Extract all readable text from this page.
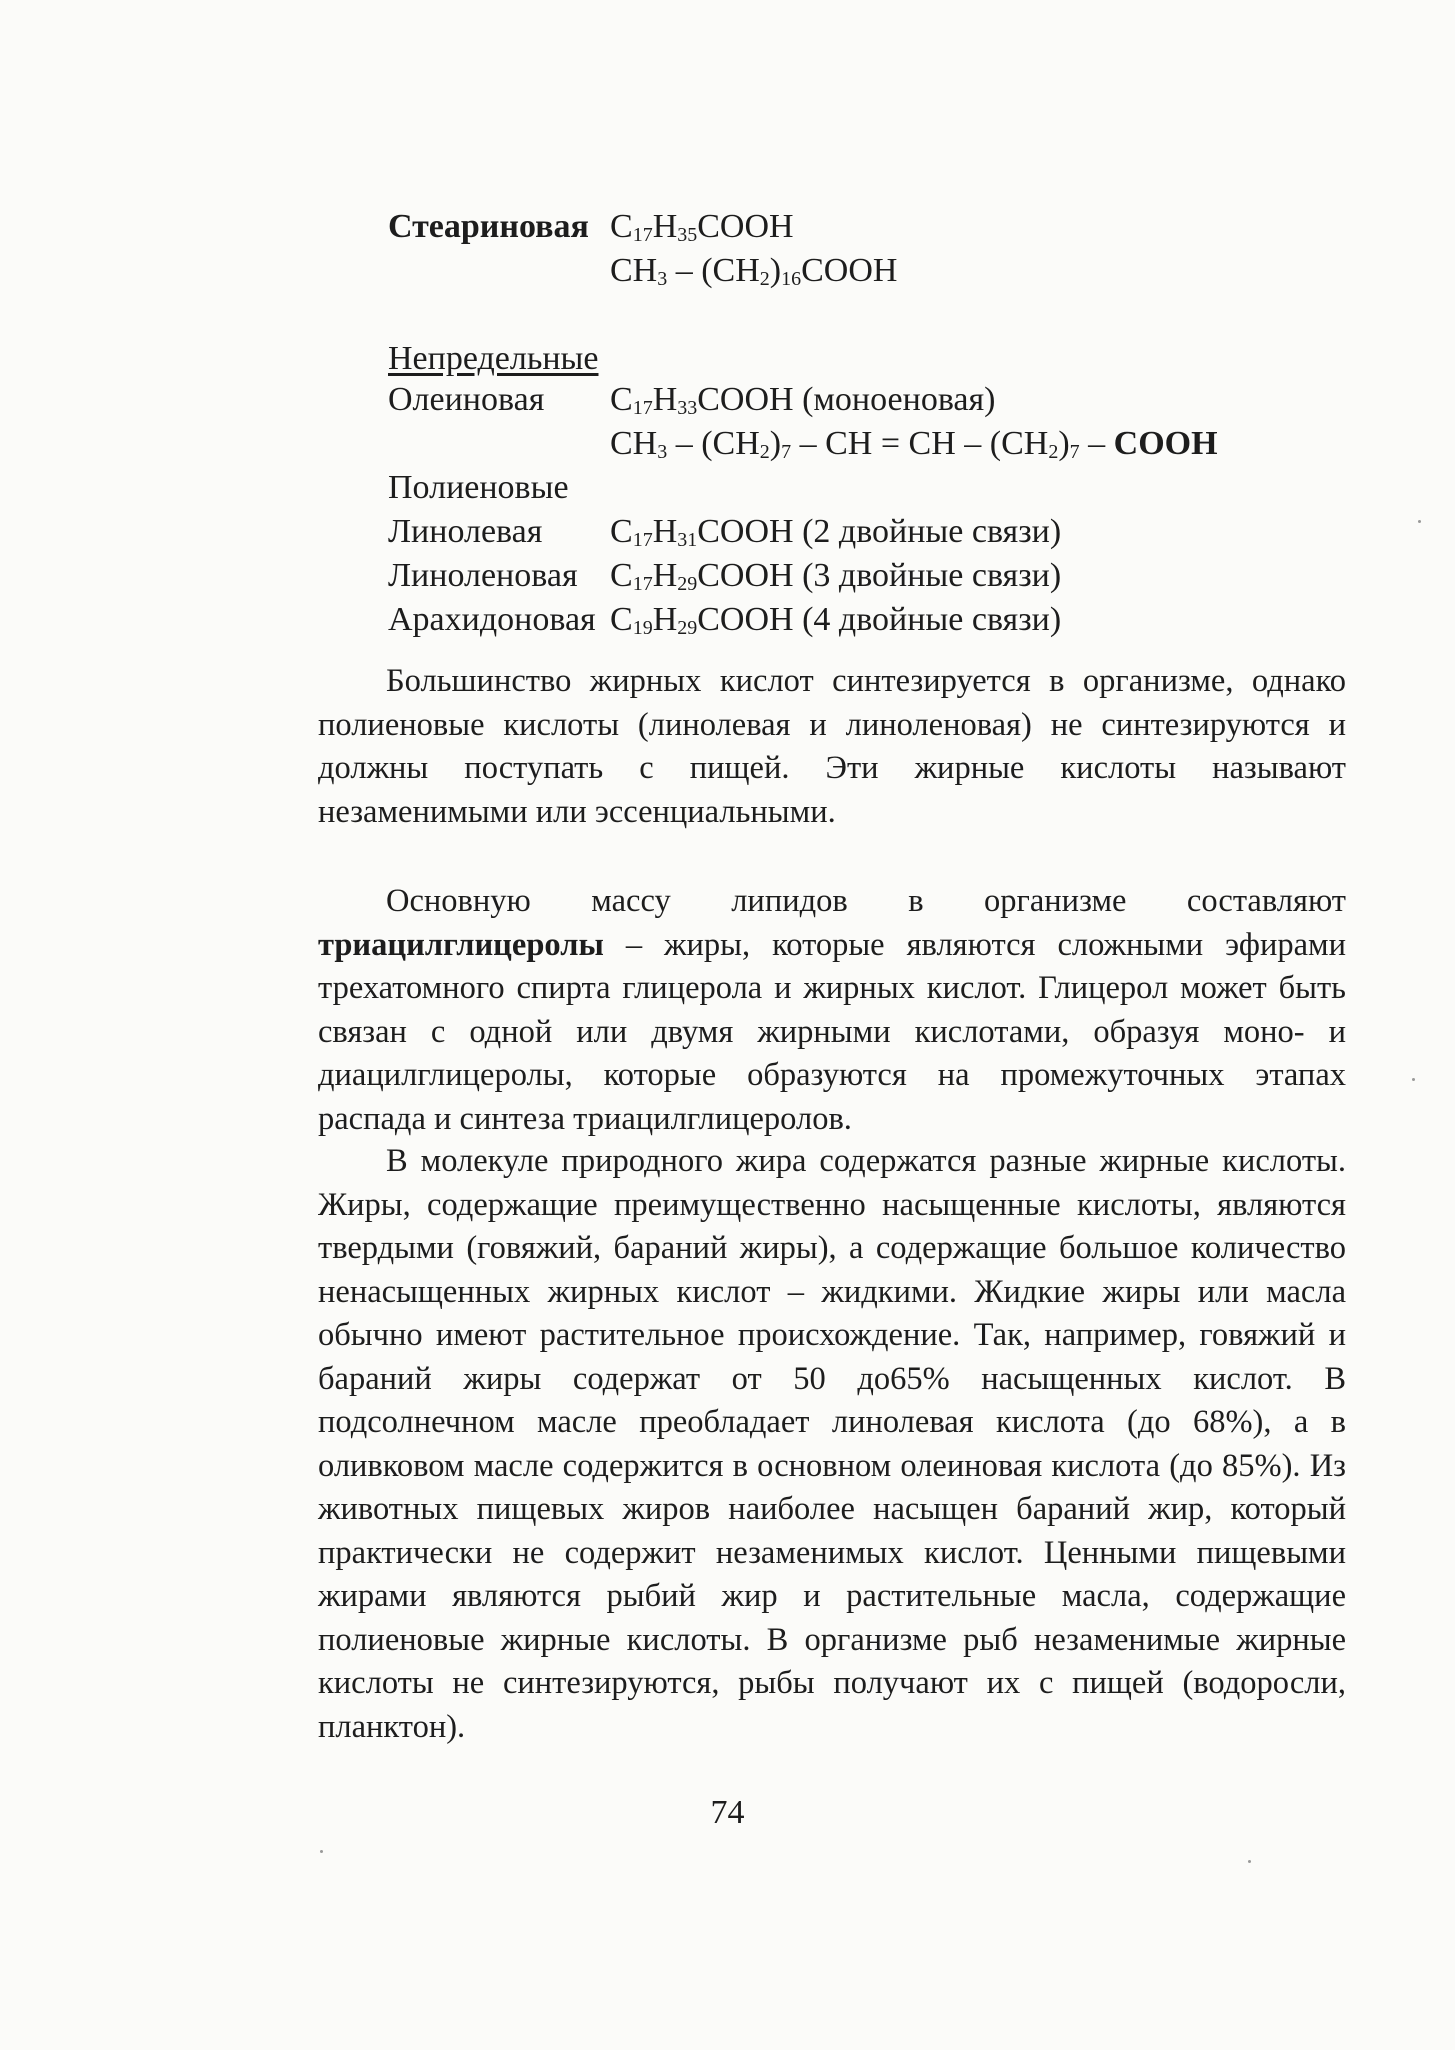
Стеариновая $C_{17}H_{35}COOH$
$CH_3$ – $(CH_2)_{16}COOH$
Непредельные
Олеиновая	$C_{17}H_{33}COOH$ (моноеновая)
$CH_3 - (CH_2)_7$ – CH = CH – $(CH_2)_7$ – COOH
Полиеновые
Линолевая	$C_{17}H_{31}COOH$ (2 двойные связи)
Линоленовая $C_{17}H_{29}COOH$ (3 двойные связи)
Арахидоновая $C_{19}H_{29}COOH$ (4 двойные связи)

Большинство жирных кислот синтезируется в организме, однако полиеновые кислоты (линолевая и линоленовая) не синтезируются и должны поступать с пищей. Эти жирные кислоты называют незаменимыми или эссенциальными.

Основную массу липидов в организме составляют триацилглицеролы – жиры, которые являются сложными эфирами трехатомного спирта глицерола и жирных кислот. Глицерол может быть связан с одной или двумя жирными кислотами, образуя моно- и диацилглицеролы, которые образуются на промежуточных этапах распада и синтеза триацилглицеролов.

В молекуле природного жира содержатся разные жирные кислоты. Жиры, содержащие преимущественно насыщенные кислоты, являются твердыми (говяжий, бараний жиры), а содержащие большое количество ненасыщенных жирных кислот – жидкими. Жидкие жиры или масла обычно имеют растительное происхождение. Так, например, говяжий и бараний жиры содержат от 50 до65% насыщенных кислот. В подсолнечном масле преобладает линолевая кислота (до 68%), а в оливковом масле содержится в основном олеиновая кислота (до 85%). Из животных пищевых жиров наиболее насыщен бараний жир, который практически не содержит незаменимых кислот. Ценными пищевыми жирами являются рыбий жир и растительные масла, содержащие полиеновые жирные кислоты. В организме рыб незаменимые жирные кислоты не синтезируются, рыбы получают их с пищей (водоросли, планктон).

74
